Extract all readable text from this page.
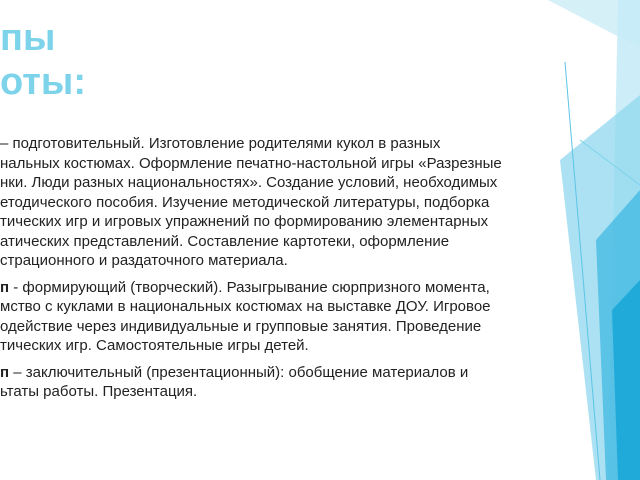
пы
оты:

– подготовительный. Изготовление родителями кукол в разных
нальных костюмах. Оформление печатно-настольной игры «Разрезные
нки. Люди разных национальностях». Создание условий, необходимых
етодического пособия. Изучение методической литературы, подборка
тических игр и игровых упражнений по формированию элементарных
атических представлений. Составление картотеки, оформление
страционного и раздаточного материала.

п - формирующий (творческий). Разыгрывание сюрпризного момента,
мство с куклами в национальных костюмах на выставке ДОУ. Игровое
одействие через индивидуальные и групповые занятия. Проведение
тических игр. Самостоятельные игры детей.

п – заключительный (презентационный): обобщение материалов и
ьтаты работы. Презентация.
